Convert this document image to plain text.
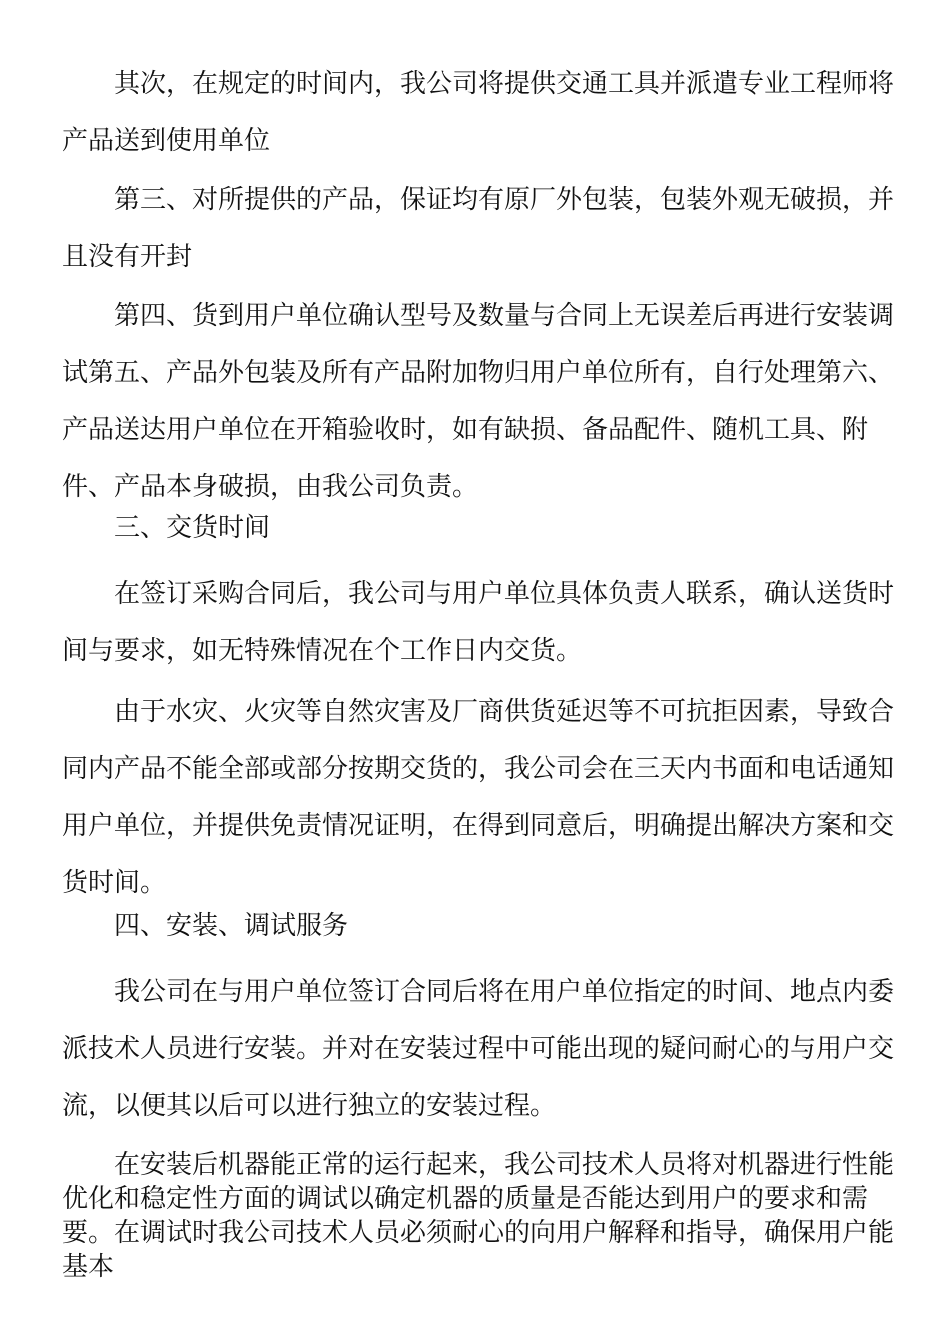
其次，在规定的时间内，我公司将提供交通工具并派遣专业工程师将产品送到使用单位

第三、对所提供的产品，保证均有原厂外包装，包装外观无破损，并且没有开封

第四、货到用户单位确认型号及数量与合同上无误差后再进行安装调试第五、产品外包装及所有产品附加物归用户单位所有，自行处理第六、产品送达用户单位在开箱验收时，如有缺损、备品配件、随机工具、附件、产品本身破损，由我公司负责。

三、交货时间

在签订采购合同后，我公司与用户单位具体负责人联系，确认送货时间与要求，如无特殊情况在个工作日内交货。

由于水灾、火灾等自然灾害及厂商供货延迟等不可抗拒因素，导致合同内产品不能全部或部分按期交货的，我公司会在三天内书面和电话通知用户单位，并提供免责情况证明，在得到同意后，明确提出解决方案和交货时间。

四、安装、调试服务

我公司在与用户单位签订合同后将在用户单位指定的时间、地点内委派技术人员进行安装。并对在安装过程中可能出现的疑问耐心的与用户交流，以便其以后可以进行独立的安装过程。

在安装后机器能正常的运行起来，我公司技术人员将对机器进行性能优化和稳定性方面的调试以确定机器的质量是否能达到用户的要求和需要。在调试时我公司技术人员必须耐心的向用户解释和指导，确保用户能基本
